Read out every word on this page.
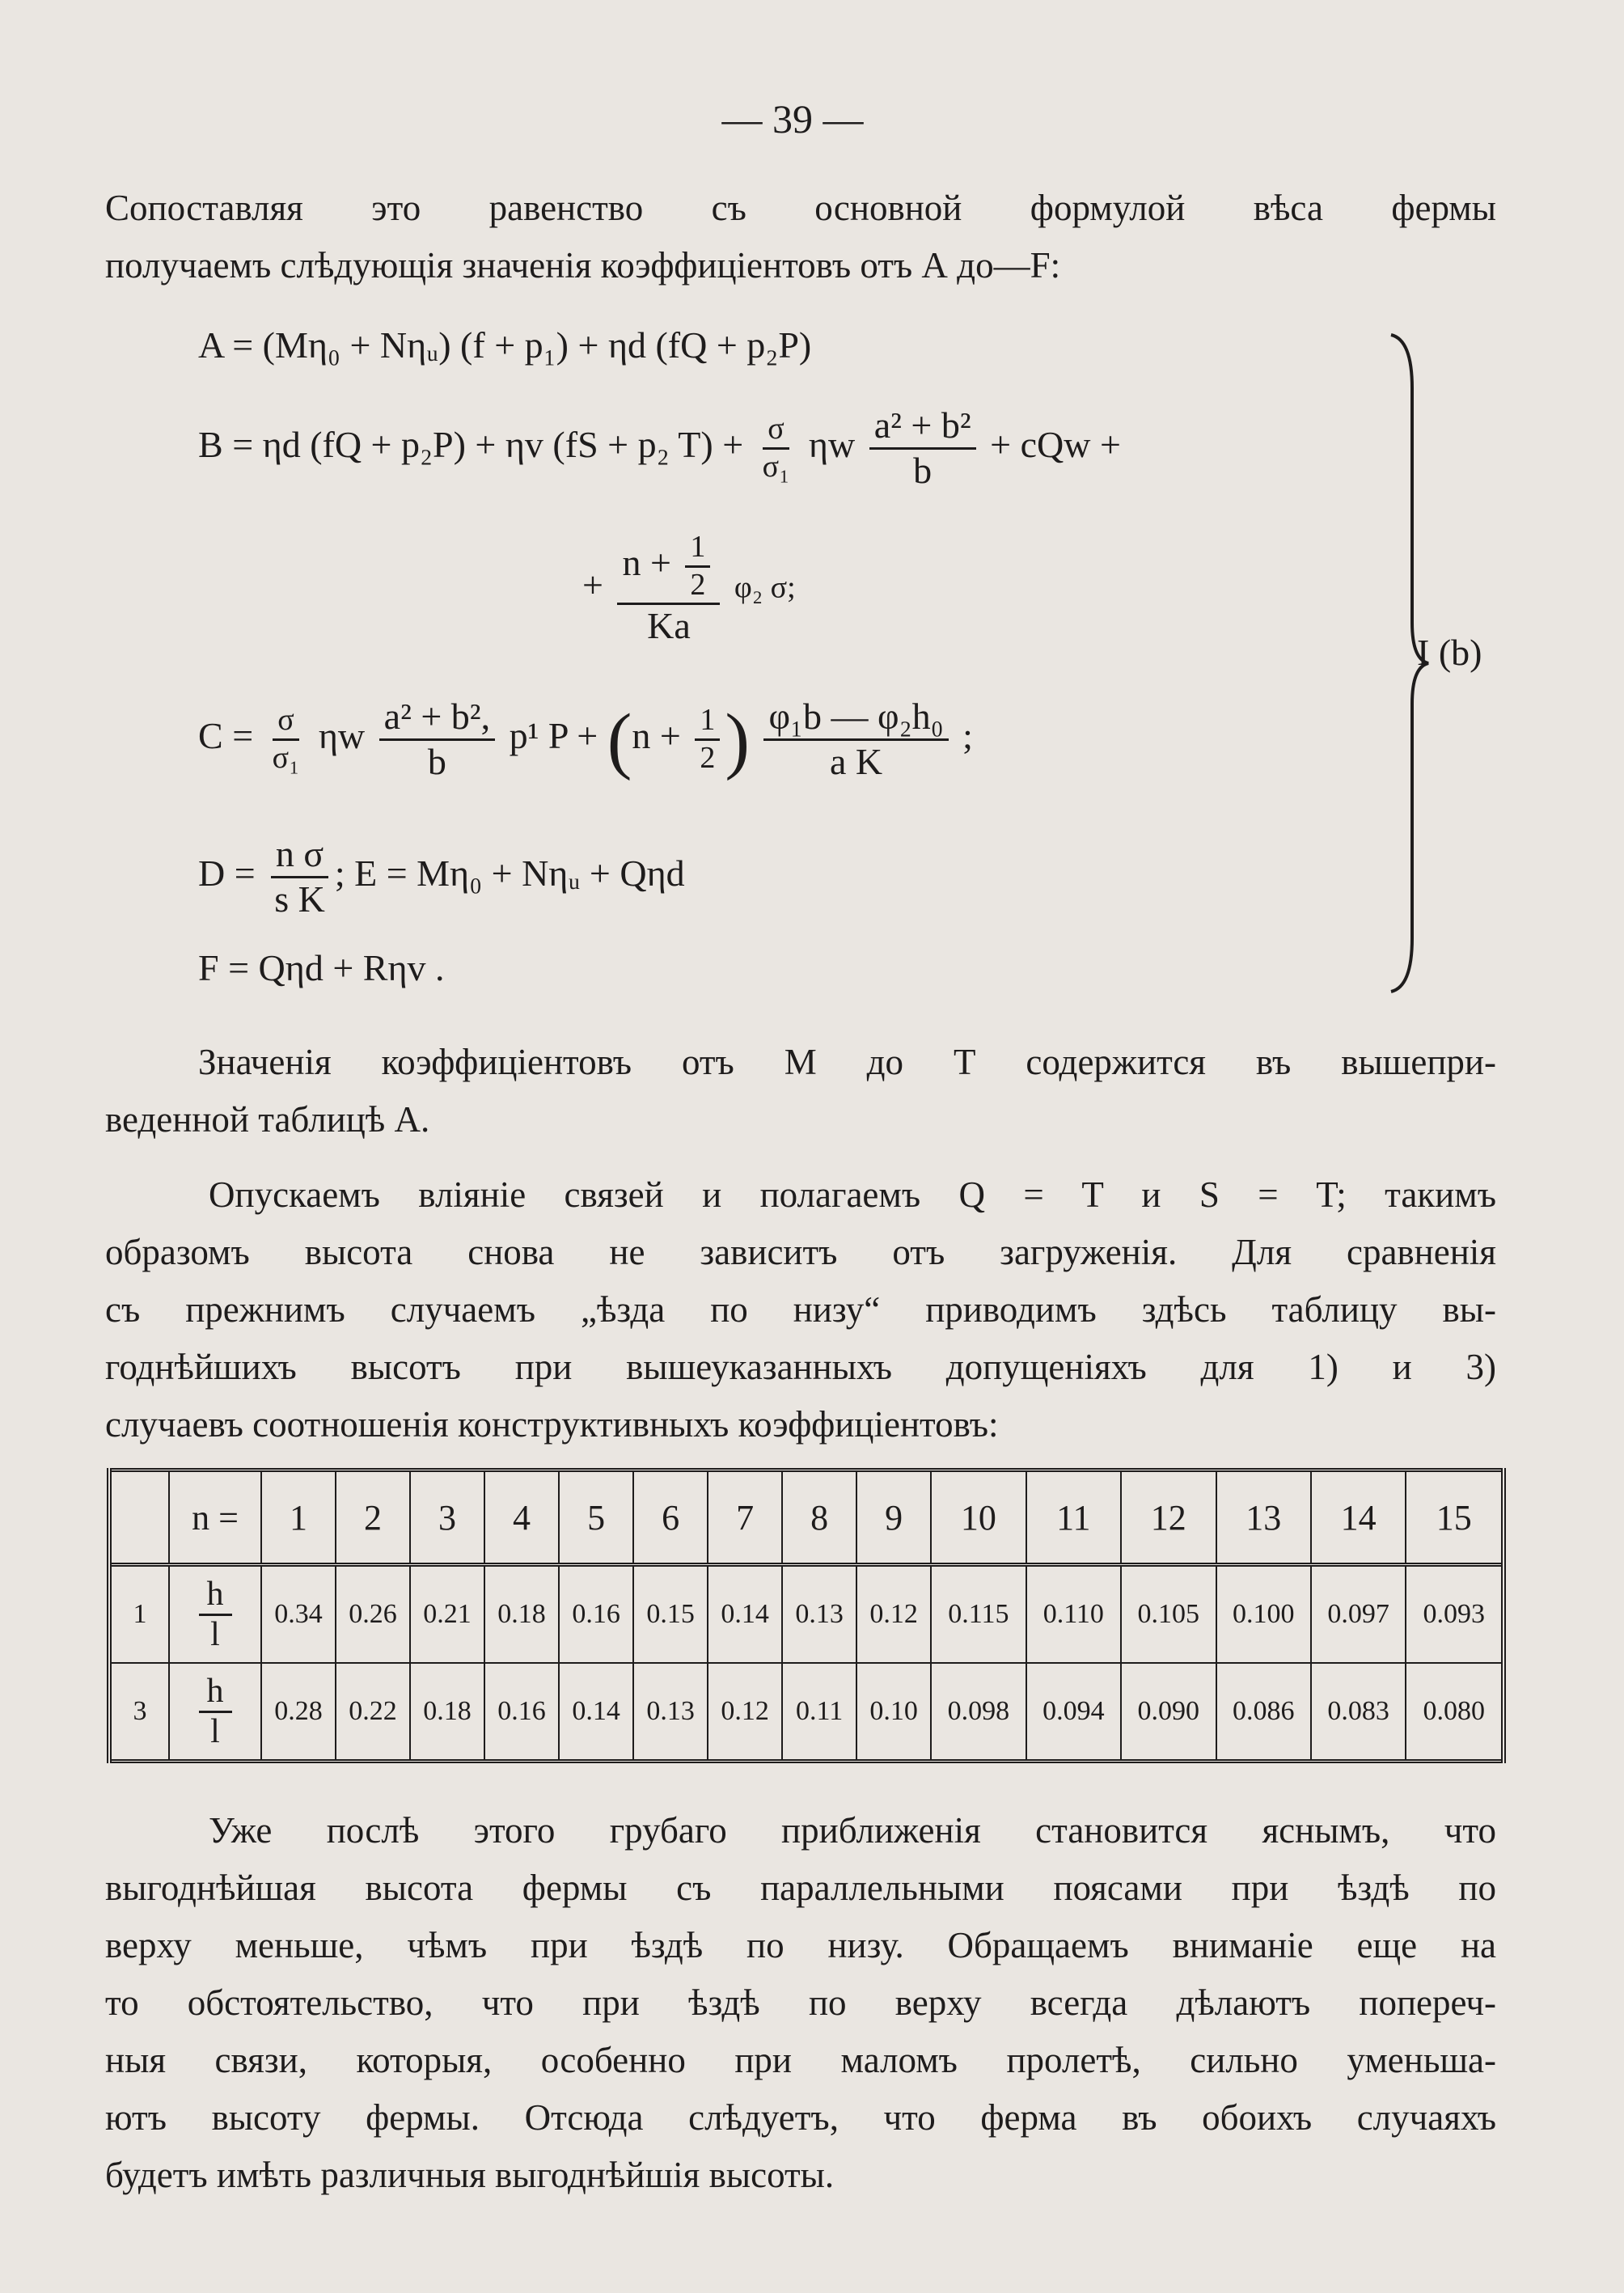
— 39 —
Сопоставляя это равенство съ основной формулой вѣса фермы

получаемъ слѣдующія значенія коэффиціентовъ отъ А до—F:
A = (Mη₀ + Nηᵤ) (f + p₁) + ηd (fQ + p₂P)
B = ηd (fQ + p₂P) + ηv (fS + p₂ $T) + \frac{\sigma}{\text{σ₁}}$ ηw $\frac{\text{a² + b²}}{b}$ + cQw +
+ $\frac{n + \frac{1}{2}}{Ka} \varphi_2$ σ;
$C = \frac{\sigma}{\text{σ₁}}$ ηw $\frac{\text{a² + b²,}}{b} p^1$ $P + (n + \frac{1}{2}$ ) $\frac{\text{φ₁b — φ₂h₀}}{\text{a K}}$ ;
$D = \frac{\text{n σ}}{\text{s K}}$ ; E = Mη₀ + Nηᵤ + Qηd
F = Qηd + Rηv .
I (b)
Значенія коэффиціентовъ отъ М до Т содержится въ вышепри-

веденной таблицѣ А.
Опускаемъ вліяніе связей и полагаемъ Q = T и S = T; такимъ
образомъ высота снова не зависитъ отъ загруженія. Для сравненія
съ прежнимъ случаемъ „ѣзда по низу“ приводимъ здѣсь таблицу вы-
годнѣйшихъ высотъ при вышеуказанныхъ допущеніяхъ для 1) и 3)

случаевъ соотношенія конструктивныхъ коэффиціентовъ:
	n =	1	2	3	4	5	6	7	8	9	10	11	12	13	14	15
1	$\frac{h}{l}$	0.34	0.26	0.21	0.18	0.16	0.15	0.14	0.13	0.12	0.115	0.110	0.105	0.100	0.097	0.093
3	$\frac{h}{l}$	0.28	0.22	0.18	0.16	0.14	0.13	0.12	0.11	0.10	0.098	0.094	0.090	0.086	0.083	0.080
Уже послѣ этого грубаго приближенія становится яснымъ, что
выгоднѣйшая высота фермы съ параллельными поясами при ѣздѣ по
верху меньше, чѣмъ при ѣздѣ по низу. Обращаемъ вниманіе еще на
то обстоятельство, что при ѣздѣ по верху всегда дѣлаютъ попереч-
ныя связи, которыя, особенно при маломъ пролетѣ, сильно уменьша-
ютъ высоту фермы. Отсюда слѣдуетъ, что ферма въ обоихъ случаяхъ

будетъ имѣть различныя выгоднѣйшія высоты.
